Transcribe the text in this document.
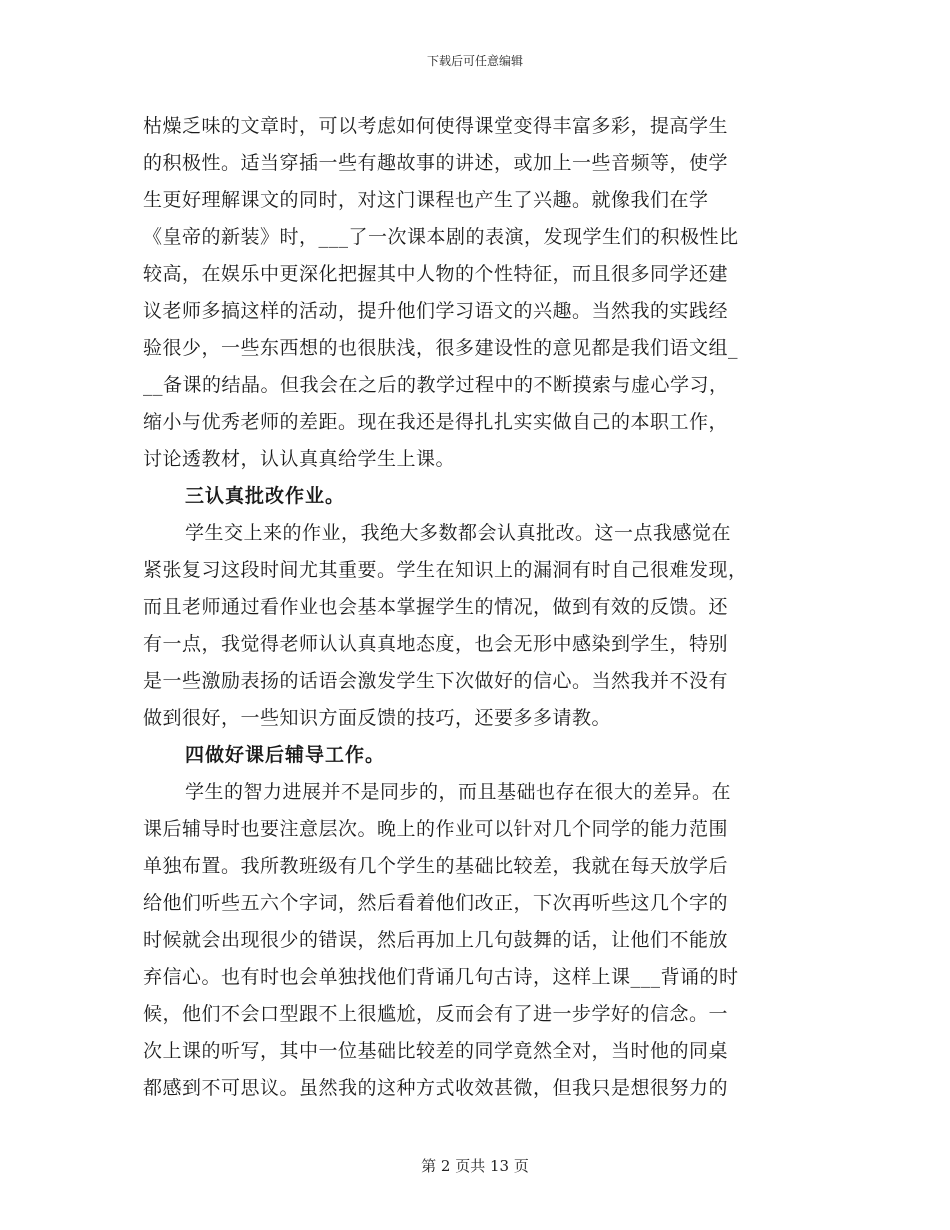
下载后可任意编辑
枯燥乏味的文章时，可以考虑如何使得课堂变得丰富多彩，提高学生
的积极性。适当穿插一些有趣故事的讲述，或加上一些音频等，使学
生更好理解课文的同时，对这门课程也产生了兴趣。就像我们在学
《皇帝的新装》时，___了一次课本剧的表演，发现学生们的积极性比
较高，在娱乐中更深化把握其中人物的个性特征，而且很多同学还建
议老师多搞这样的活动，提升他们学习语文的兴趣。当然我的实践经
验很少，一些东西想的也很肤浅，很多建设性的意见都是我们语文组_
__备课的结晶。但我会在之后的教学过程中的不断摸索与虚心学习，
缩小与优秀老师的差距。现在我还是得扎扎实实做自己的本职工作，
讨论透教材，认认真真给学生上课。
三认真批改作业。
学生交上来的作业，我绝大多数都会认真批改。这一点我感觉在
紧张复习这段时间尤其重要。学生在知识上的漏洞有时自己很难发现，
而且老师通过看作业也会基本掌握学生的情况，做到有效的反馈。还
有一点，我觉得老师认认真真地态度，也会无形中感染到学生，特别
是一些激励表扬的话语会激发学生下次做好的信心。当然我并不没有
做到很好，一些知识方面反馈的技巧，还要多多请教。
四做好课后辅导工作。
学生的智力进展并不是同步的，而且基础也存在很大的差异。在
课后辅导时也要注意层次。晚上的作业可以针对几个同学的能力范围
单独布置。我所教班级有几个学生的基础比较差，我就在每天放学后
给他们听些五六个字词，然后看着他们改正，下次再听些这几个字的
时候就会出现很少的错误，然后再加上几句鼓舞的话，让他们不能放
弃信心。也有时也会单独找他们背诵几句古诗，这样上课___背诵的时
候，他们不会口型跟不上很尴尬，反而会有了进一步学好的信念。一
次上课的听写，其中一位基础比较差的同学竟然全对，当时他的同桌
都感到不可思议。虽然我的这种方式收效甚微，但我只是想很努力的
第 2 页共 13 页
